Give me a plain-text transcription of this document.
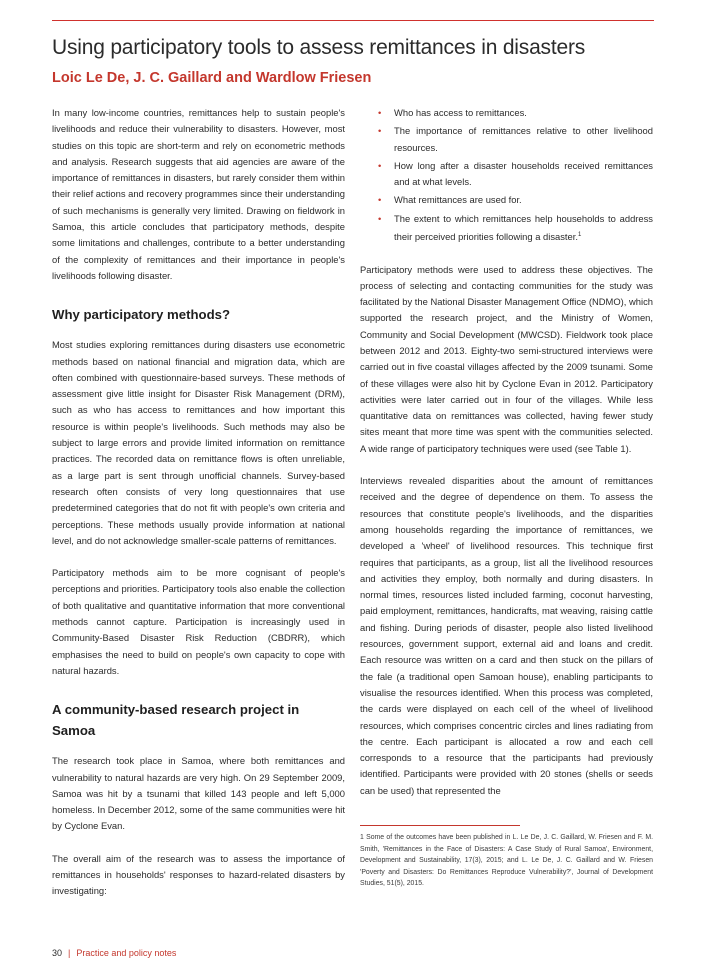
Using participatory tools to assess remittances in disasters
Loic Le De, J. C. Gaillard and Wardlow Friesen

In many low-income countries, remittances help to sustain people's livelihoods and reduce their vulnerability to disasters. However, most studies on this topic are short-term and rely on econometric methods and analysis. Research suggests that aid agencies are aware of the importance of remittances in disasters, but rarely consider them within their relief actions and recovery programmes since their understanding of such mechanisms is generally very limited. Drawing on fieldwork in Samoa, this article concludes that participatory methods, despite some limitations and challenges, contribute to a better understanding of the complexity of remittances and their importance in people's livelihoods following disaster.

Why participatory methods?

Most studies exploring remittances during disasters use econometric methods based on national financial and migration data, which are often combined with questionnaire-based surveys. These methods of assessment give little insight for Disaster Risk Management (DRM), such as who has access to remittances and how important this resource is within people's livelihoods. Such methods may also be subject to large errors and provide limited information on remittance practices. The recorded data on remittance flows is often unreliable, as a large part is sent through unofficial channels. Survey-based research often consists of very long questionnaires that use predetermined categories that do not fit with people's own criteria and perceptions. These methods usually provide information at national level, and do not acknowledge smaller-scale patterns of remittances.

Participatory methods aim to be more cognisant of people's perceptions and priorities. Participatory tools also enable the collection of both qualitative and quantitative information that more conventional methods cannot capture. Participation is increasingly used in Community-Based Disaster Risk Reduction (CBDRR), which emphasises the need to build on people's own capacity to cope with natural hazards.

A community-based research project in Samoa

The research took place in Samoa, where both remittances and vulnerability to natural hazards are very high. On 29 September 2009, Samoa was hit by a tsunami that killed 143 people and left 5,000 homeless. In December 2012, some of the same communities were hit by Cyclone Evan.

The overall aim of the research was to assess the importance of remittances in households' responses to hazard-related disasters by investigating:

• Who has access to remittances.
• The importance of remittances relative to other livelihood resources.
• How long after a disaster households received remittances and at what levels.
• What remittances are used for.
• The extent to which remittances help households to address their perceived priorities following a disaster.$^1$

Participatory methods were used to address these objectives. The process of selecting and contacting communities for the study was facilitated by the National Disaster Management Office (NDMO), which supported the research project, and the Ministry of Women, Community and Social Development (MWCSD). Fieldwork took place between 2012 and 2013. Eighty-two semi-structured interviews were carried out in five coastal villages affected by the 2009 tsunami. Some of these villages were also hit by Cyclone Evan in 2012. Participatory activities were later carried out in four of the villages. While less quantitative data on remittances was collected, having fewer study sites meant that more time was spent with the communities selected. A wide range of participatory techniques were used (see Table 1).

Interviews revealed disparities about the amount of remittances received and the degree of dependence on them. To assess the resources that constitute people's livelihoods, and the disparities among households regarding the importance of remittances, we developed a 'wheel' of livelihood resources. This technique first requires that participants, as a group, list all the livelihood resources and activities they employ, both normally and during disasters. In normal times, resources listed included farming, coconut harvesting, paid employment, remittances, handicrafts, mat weaving, raising cattle and fishing. During periods of disaster, people also listed livelihood resources, government support, external aid and loans and credit. Each resource was written on a card and then stuck on the pillars of the fale (a traditional open Samoan house), enabling participants to visualise the resources identified. When this process was completed, the cards were displayed on each cell of the wheel of livelihood resources, which comprises concentric circles and lines radiating from the centre. Each participant is allocated a row and each cell corresponds to a resource that the participants had previously identified. Participants were provided with 20 stones (shells or seeds can be used) that represented the

1 Some of the outcomes have been published in L. Le De, J. C. Gaillard, W. Friesen and F. M. Smith, 'Remittances in the Face of Disasters: A Case Study of Rural Samoa', Environment, Development and Sustainability, 17(3), 2015; and L. Le De, J. C. Gaillard and W. Friesen 'Poverty and Disasters: Do Remittances Reproduce Vulnerability?', Journal of Development Studies, 51(5), 2015.

30 | Practice and policy notes
